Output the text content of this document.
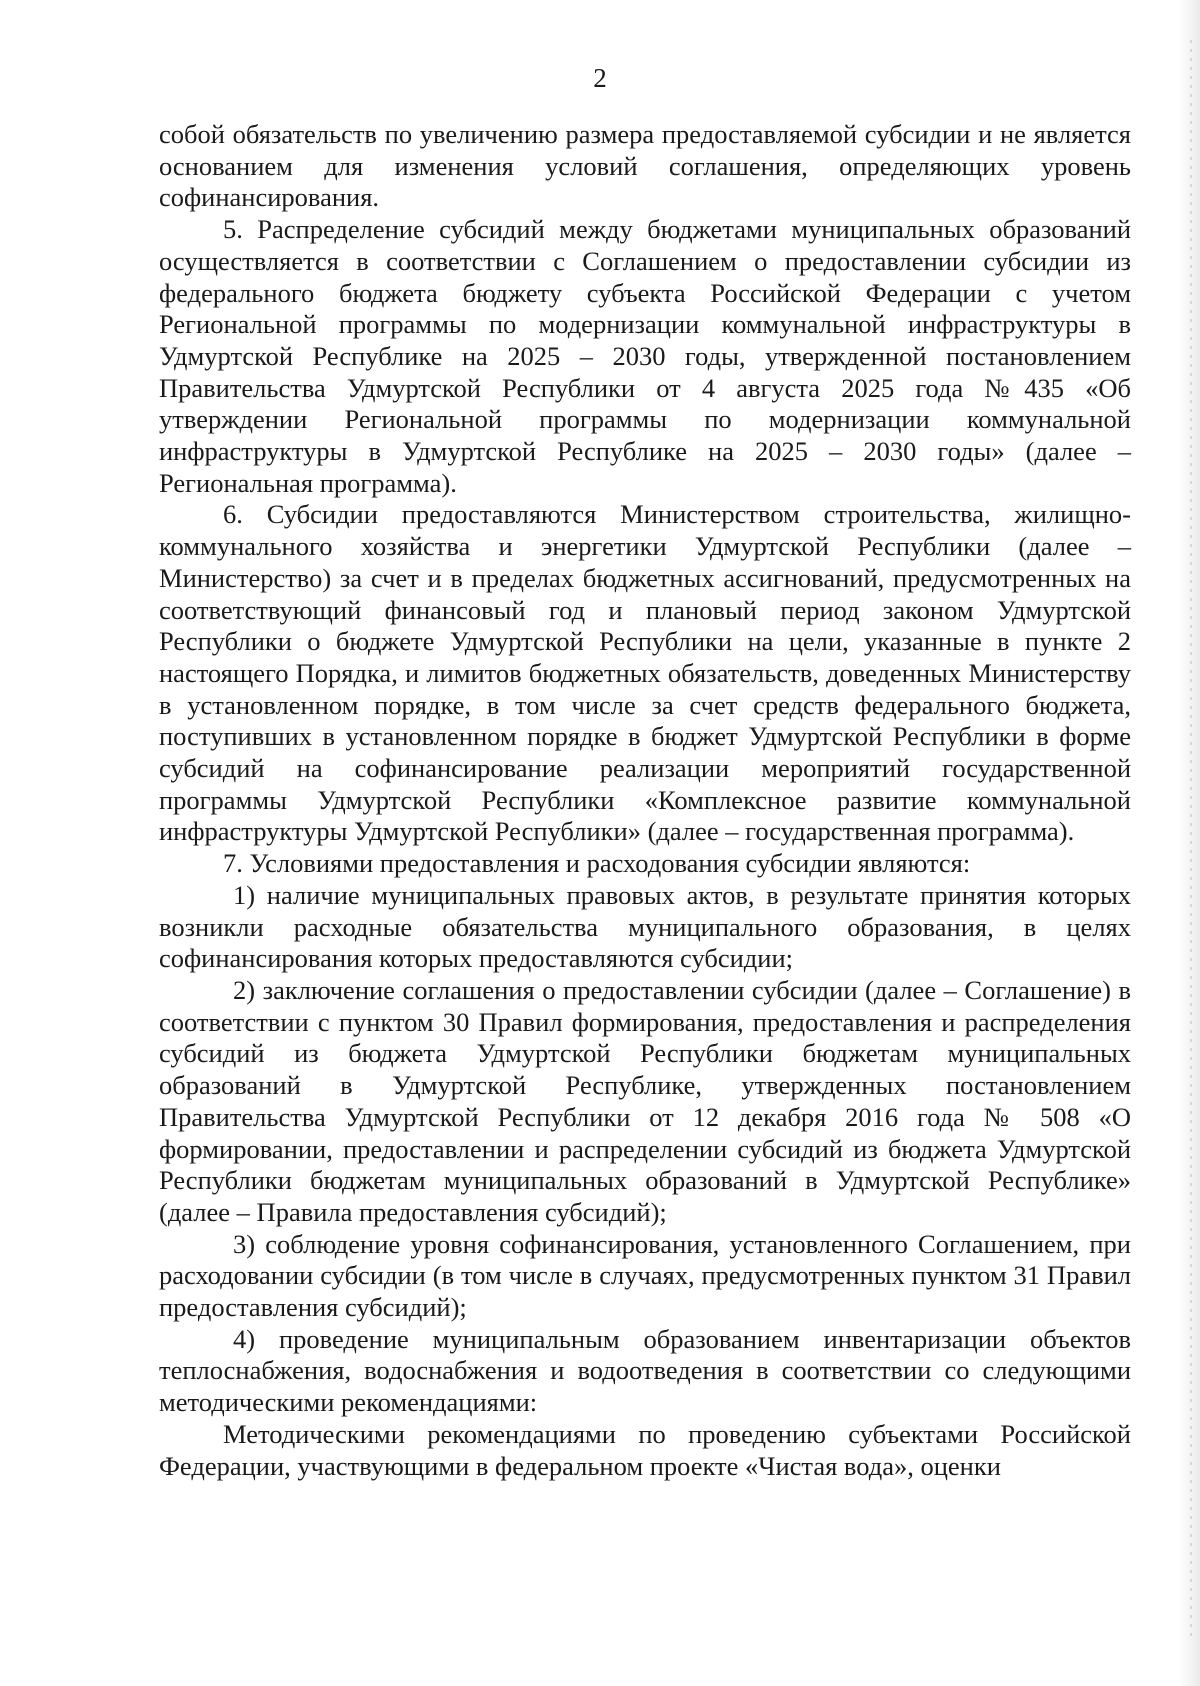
2

собой обязательств по увеличению размера предоставляемой субсидии и не является основанием для изменения условий соглашения, определяющих уровень софинансирования.

5. Распределение субсидий между бюджетами муниципальных образований осуществляется в соответствии с Соглашением о предоставлении субсидии из федерального бюджета бюджету субъекта Российской Федерации с учетом Региональной программы по модернизации коммунальной инфраструктуры в Удмуртской Республике на 2025 – 2030 годы, утвержденной постановлением Правительства Удмуртской Республики от 4 августа 2025 года №435 «Об утверждении Региональной программы по модернизации коммунальной инфраструктуры в Удмуртской Республике на 2025 – 2030 годы» (далее – Региональная программа).

6. Субсидии предоставляются Министерством строительства, жилищно-коммунального хозяйства и энергетики Удмуртской Республики (далее – Министерство) за счет и в пределах бюджетных ассигнований, предусмотренных на соответствующий финансовый год и плановый период законом Удмуртской Республики о бюджете Удмуртской Республики на цели, указанные в пункте 2 настоящего Порядка, и лимитов бюджетных обязательств, доведенных Министерству в установленном порядке, в том числе за счет средств федерального бюджета, поступивших в установленном порядке в бюджет Удмуртской Республики в форме субсидий на софинансирование реализации мероприятий государственной программы Удмуртской Республики «Комплексное развитие коммунальной инфраструктуры Удмуртской Республики» (далее – государственная программа).

7. Условиями предоставления и расходования субсидии являются:

1) наличие муниципальных правовых актов, в результате принятия которых возникли расходные обязательства муниципального образования, в целях софинансирования которых предоставляются субсидии;

2) заключение соглашения о предоставлении субсидии (далее – Соглашение) в соответствии с пунктом 30 Правил формирования, предоставления и распределения субсидий из бюджета Удмуртской Республики бюджетам муниципальных образований в Удмуртской Республике, утвержденных постановлением Правительства Удмуртской Республики от 12 декабря 2016 года № 508 «О формировании, предоставлении и распределении субсидий из бюджета Удмуртской Республики бюджетам муниципальных образований в Удмуртской Республике» (далее – Правила предоставления субсидий);

3) соблюдение уровня софинансирования, установленного Соглашением, при расходовании субсидии (в том числе в случаях, предусмотренных пунктом 31 Правил предоставления субсидий);

4) проведение муниципальным образованием инвентаризации объектов теплоснабжения, водоснабжения и водоотведения в соответствии со следующими методическими рекомендациями:

Методическими рекомендациями по проведению субъектами Российской Федерации, участвующими в федеральном проекте «Чистая вода», оценки
